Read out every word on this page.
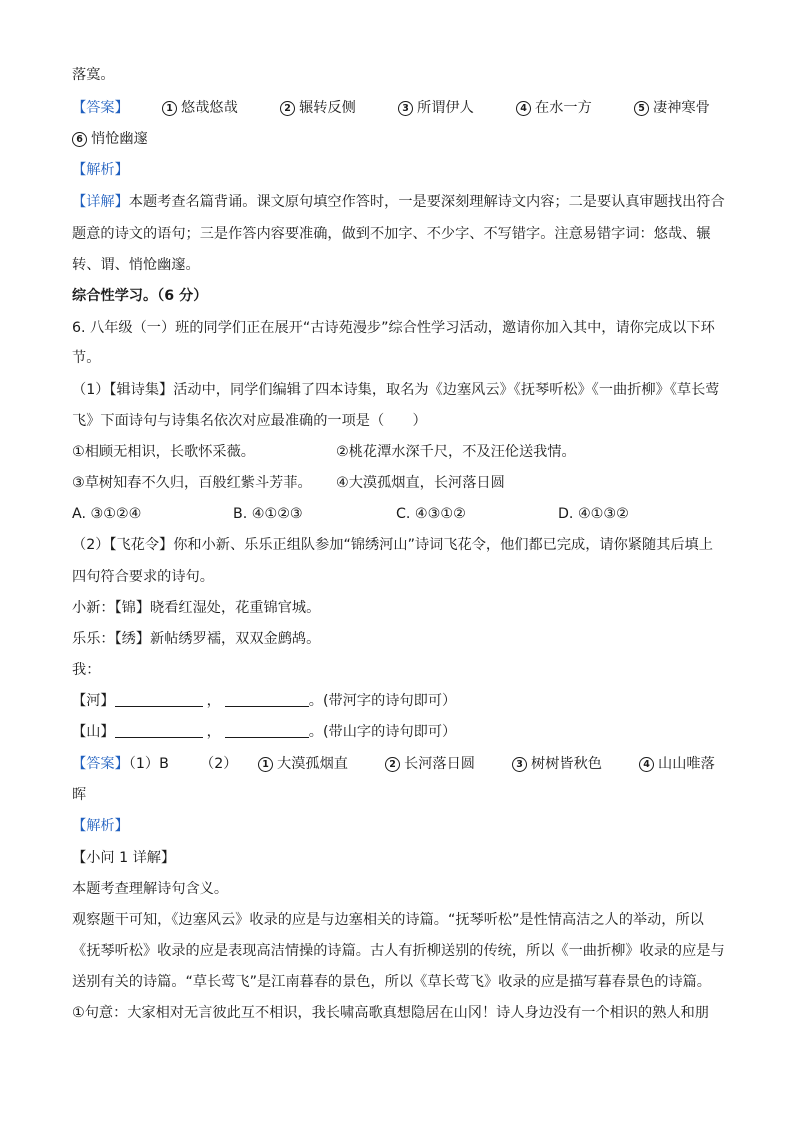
落寞。
【答案】	1 悠哉悠哉	2 辗转反侧	3 所谓伊人	4 在水一方	5 凄神寒骨
6 悄怆幽邃
【解析】
【详解】本题考查名篇背诵。课文原句填空作答时，一是要深刻理解诗文内容；二是要认真审题找出符合
题意的诗文的语句；三是作答内容要准确，做到不加字、不少字、不写错字。注意易错字词：悠哉、辗
转、谓、悄怆幽邃。
综合性学习。（6 分）
6. 八年级（一）班的同学们正在展开“古诗苑漫步”综合性学习活动，邀请你加入其中，请你完成以下环
节。
（1）【辑诗集】活动中，同学们编辑了四本诗集，取名为《边塞风云》《抚琴听松》《一曲折柳》《草长莺
飞》下面诗句与诗集名依次对应最准确的一项是（　　）
①相顾无相识，长歌怀采薇。	②桃花潭水深千尺，不及汪伦送我情。
③草树知春不久归，百般红紫斗芳菲。 ④大漠孤烟直，长河落日圆
A. ③①②④	B. ④①②③	C. ④③①②	D. ④①③②
（2）【飞花令】你和小新、乐乐正组队参加“锦绣河山”诗词飞花令，他们都已完成，请你紧随其后填上
四句符合要求的诗句。
小新：【锦】晓看红湿处，花重锦官城。
乐乐：【绣】新帖绣罗襦，双双金鹧鸪。
我：
【河】	，	。(带河字的诗句即可）
【山】	，	。(带山字的诗句即可）
【答案】（1）B	（2）	1 大漠孤烟直	2 长河落日圆	3 树树皆秋色	4 山山唯落
晖
【解析】
【小问 1 详解】
本题考查理解诗句含义。
观察题干可知，《边塞风云》收录的应是与边塞相关的诗篇。“抚琴听松”是性情高洁之人的举动，所以
《抚琴听松》收录的应是表现高洁情操的诗篇。古人有折柳送别的传统，所以《一曲折柳》收录的应是与
送别有关的诗篇。“草长莺飞”是江南暮春的景色，所以《草长莺飞》收录的应是描写暮春景色的诗篇。
①句意：大家相对无言彼此互不相识，我长啸高歌真想隐居在山冈！诗人身边没有一个相识的熟人和朋
